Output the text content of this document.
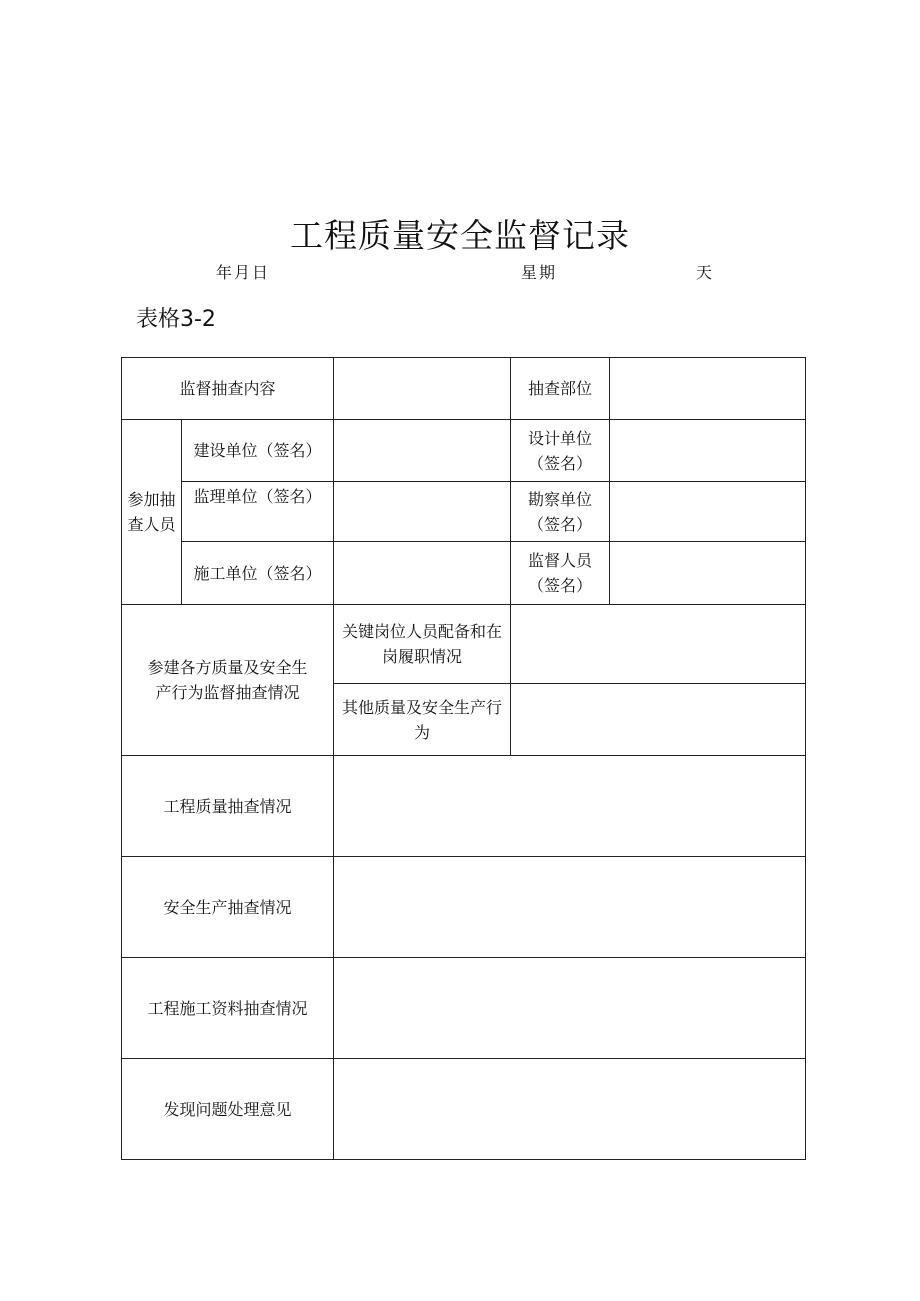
工程质量安全监督记录
年月日	星期	天
表格3-2
监督抽查内容			抽查部位	
参加抽查人员	建设单位（签名）		设计单位
（签名）	

	监理单位（签名）		勘察单位
（签名）	

	施工单位（签名）		监督人员
（签名）	

参建各方质量及安全生
产行为监督抽查情况		关键岗位人员配备和在
岗履职情况		

		其他质量及安全生产行
为		

工程质量抽查情况				
安全生产抽查情况				
工程施工资料抽查情况				
发现问题处理意见				
